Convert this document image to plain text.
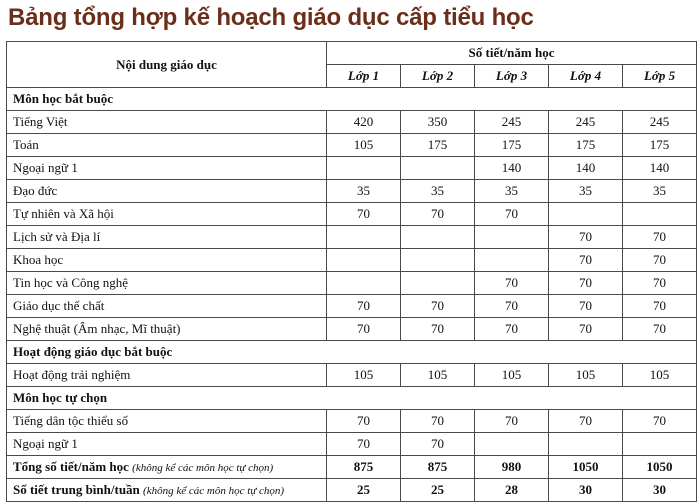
Bảng tổng hợp kế hoạch giáo dục cấp tiểu học
Nội dung giáo dục	Số tiết/năm học				
	Lớp 1	Lớp 2	Lớp 3	Lớp 4	Lớp 5
Môn học bắt buộc					
Tiếng Việt	420	350	245	245	245
Toán	105	175	175	175	175
Ngoại ngữ 1			140	140	140
Đạo đức	35	35	35	35	35
Tự nhiên và Xã hội	70	70	70		
Lịch sử và Địa lí				70	70
Khoa học				70	70
Tin học và Công nghệ			70	70	70
Giáo dục thể chất	70	70	70	70	70
Nghệ thuật (Âm nhạc, Mĩ thuật)	70	70	70	70	70
Hoạt động giáo dục bắt buộc					
Hoạt động trải nghiệm	105	105	105	105	105
Môn học tự chọn					
Tiếng dân tộc thiểu số	70	70	70	70	70
Ngoại ngữ 1	70	70			
Tổng số tiết/năm học (không kể các môn học tự chọn)	875	875	980	1050	1050
Số tiết trung bình/tuần (không kể các môn học tự chọn)	25	25	28	30	30
